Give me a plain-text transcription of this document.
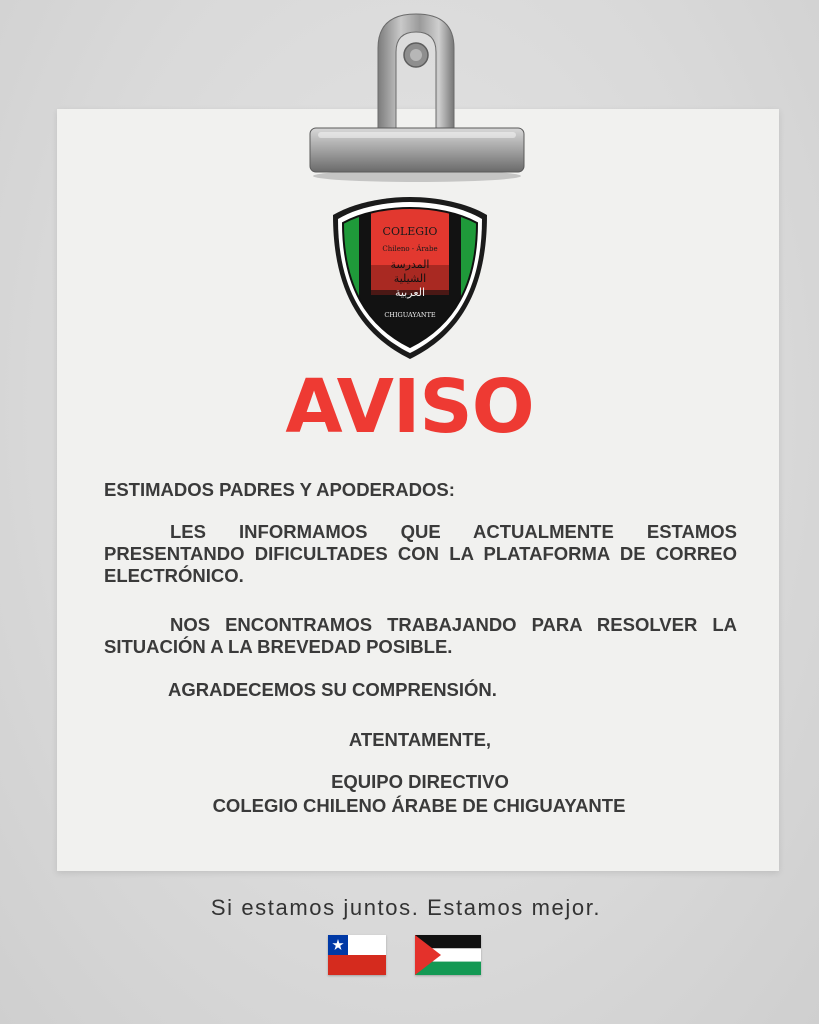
COLEGIO
Chileno - Árabe
المدرسة
الشيلية
العربية
CHIGUAYANTE
AVISO

ESTIMADOS PADRES Y APODERADOS:

LES INFORMAMOS QUE ACTUALMENTE ESTAMOS PRESENTANDO DIFICULTADES CON LA PLATAFORMA DE CORREO ELECTRÓNICO.

NOS ENCONTRAMOS TRABAJANDO PARA RESOLVER LA SITUACIÓN A LA BREVEDAD POSIBLE.

AGRADECEMOS SU COMPRENSIÓN.

ATENTAMENTE,

EQUIPO DIRECTIVO

COLEGIO CHILENO ÁRABE DE CHIGUAYANTE

Si estamos juntos. Estamos mejor.
